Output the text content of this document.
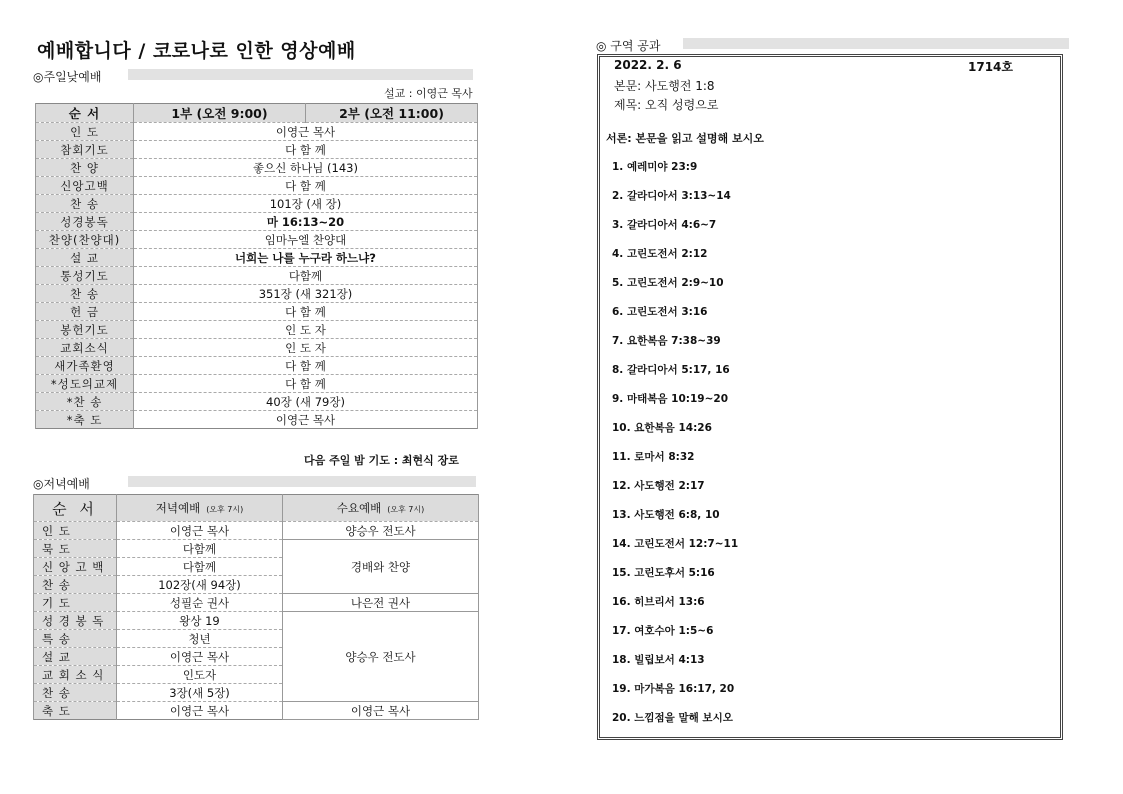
예배합니다 / 코로나로 인한 영상예배
◎주일낮예배
설교 : 이영근 목사
순 서	1부 (오전 9:00)	2부 (오전 11:00)
인 도	이영근 목사	
참회기도	다 함 께	
찬 양	좋으신 하나님 (143)	
신앙고백	다 함 께	
찬 송	101장 (새 장)	
성경봉독	마 16:13~20	
찬양(찬양대)	임마누엘 찬양대	
설 교	너희는 나를 누구라 하느냐?	
통성기도	다함께	
찬 송	351장 (새 321장)	
헌 금	다 함 께	
봉헌기도	인 도 자	
교회소식	인 도 자	
새가족환영	다 함 께	
*성도의교제	다 함 께	
*찬 송	40장 (새 79장)	
*축 도	이영근 목사	
다음 주일 밤 기도 : 최현식 장로
◎저녁예배
순 서	저녁예배 (오후 7시)	수요예배 (오후 7시)
인 도	이영근 목사	양승우 전도사
묵 도	다함께	경배와 찬양
신 앙 고 백	다함께	
찬 송	102장(새 94장)	
기 도	성필순 권사	나은전 권사
성 경 봉 독	왕상 19	양승우 전도사
특 송	청년	
설 교	이영근 목사	
교 회 소 식	인도자	
찬 송	3장(새 5장)	
축 도	이영근 목사	이영근 목사
◎ 구역 공과
2022. 2. 6	1714호
본문: 사도행전 1:8
제목: 오직 성령으로
서론: 본문을 읽고 설명해 보시오
1. 예레미야 23:9
2. 갈라디아서 3:13~14
3. 갈라디아서 4:6~7
4. 고린도전서 2:12
5. 고린도전서 2:9~10
6. 고린도전서 3:16
7. 요한복음 7:38~39
8. 갈라디아서 5:17, 16
9. 마태복음 10:19~20
10. 요한복음 14:26
11. 로마서 8:32
12. 사도행전 2:17
13. 사도행전 6:8, 10
14. 고린도전서 12:7~11
15. 고린도후서 5:16
16. 히브리서 13:6
17. 여호수아 1:5~6
18. 빌립보서 4:13
19. 마가복음 16:17, 20
20. 느낌점을 말해 보시오
